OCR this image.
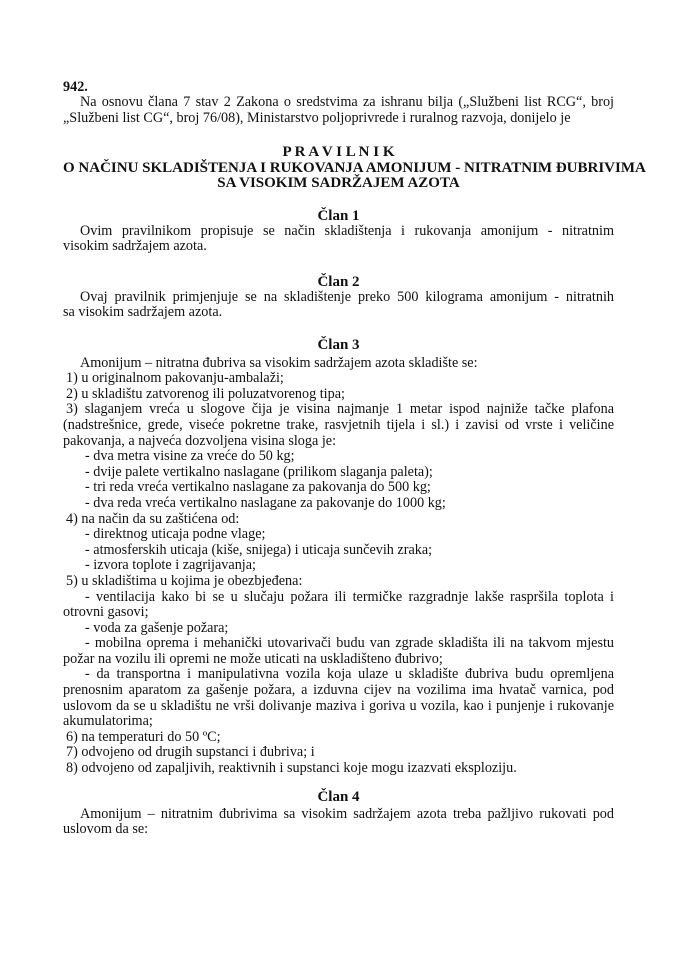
942.
Na osnovu člana 7 stav 2 Zakona o sredstvima za ishranu bilja („Službeni list RCG“, broj
„Službeni list CG“, broj 76/08), Ministarstvo poljoprivrede i ruralnog razvoja, donijelo je
P R A V I L N I K
O NAČINU SKLADIŠTENJA I RUKOVANJA AMONIJUM - NITRATNIM ĐUBRIVIMA
SA VISOKIM SADRŽAJEM AZOTA
Član 1
Ovim pravilnikom propisuje se način skladištenja i rukovanja amonijum - nitratnim
visokim sadržajem azota.
Član 2
Ovaj pravilnik primjenjuje se na skladištenje preko 500 kilograma amonijum - nitratnih
sa visokim sadržajem azota.
Član 3
Amonijum – nitratna đubriva sa visokim sadržajem azota skladište se:
1) u originalnom pakovanju-ambalaži;
2) u skladištu zatvorenog ili poluzatvorenog tipa;
3) slaganjem vreća u slogove čija je visina najmanje 1 metar ispod najniže tačke plafona
(nadstrešnice, grede, viseće pokretne trake, rasvjetnih tijela i sl.) i zavisi od vrste i veličine
pakovanja, a najveća dozvoljena visina sloga je:
- dva metra visine za vreće do 50 kg;
- dvije palete vertikalno naslagane (prilikom slaganja paleta);
- tri reda vreća vertikalno naslagane za pakovanja do 500 kg;
- dva reda vreća vertikalno naslagane za pakovanje do 1000 kg;
4) na način da su zaštićena od:
- direktnog uticaja podne vlage;
- atmosferskih uticaja (kiše, snijega) i uticaja sunčevih zraka;
- izvora toplote i zagrijavanja;
5) u skladištima u kojima je obezbjeđena:
- ventilacija kako bi se u slučaju požara ili termičke razgradnje lakše raspršila toplota i
otrovni gasovi;
- voda za gašenje požara;
- mobilna oprema i mehanički utovarivači budu van zgrade skladišta ili na takvom mjestu
požar na vozilu ili opremi ne može uticati na uskladišteno đubrivo;
- da transportna i manipulativna vozila koja ulaze u skladište đubriva budu opremljena
prenosnim aparatom za gašenje požara, a izduvna cijev na vozilima ima hvatač varnica, pod
uslovom da se u skladištu ne vrši dolivanje maziva i goriva u vozila, kao i punjenje i rukovanje
akumulatorima;
6) na temperaturi do 50 ºC;
7) odvojeno od drugih supstanci i đubriva; i
8) odvojeno od zapaljivih, reaktivnih i supstanci koje mogu izazvati eksploziju.
Član 4
Amonijum – nitratnim đubrivima sa visokim sadržajem azota treba pažljivo rukovati pod
uslovom da se:
